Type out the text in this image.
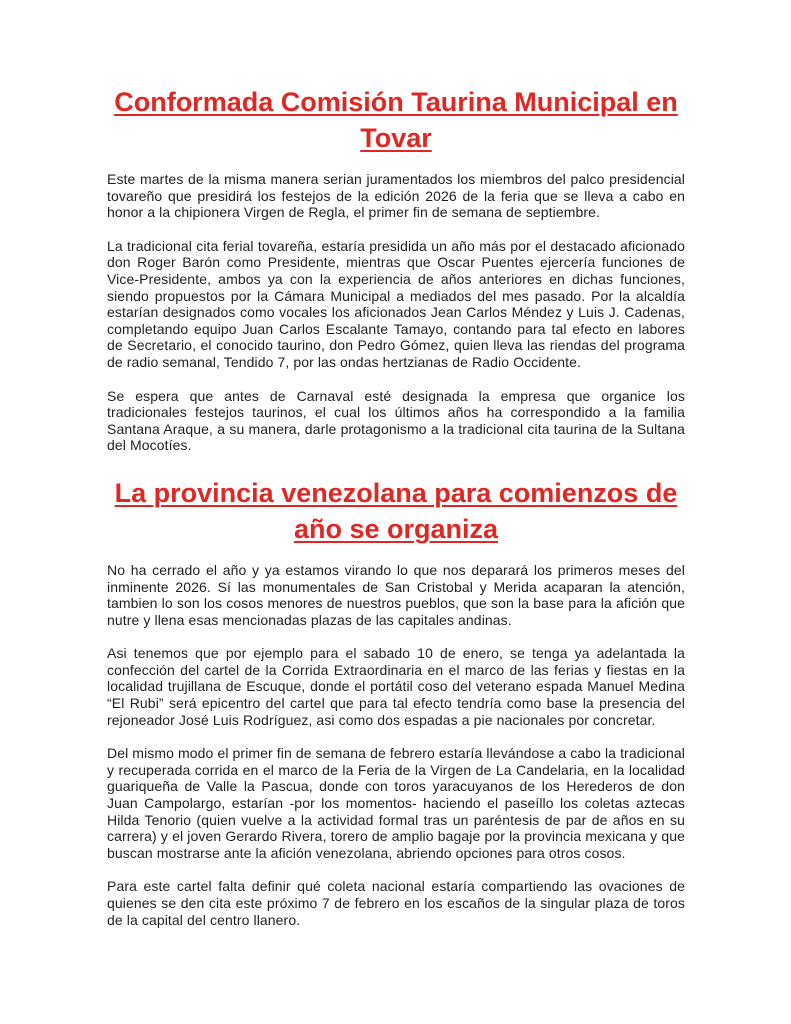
Conformada Comisión Taurina Municipal en Tovar

Este martes de la misma manera serian juramentados los miembros del palco presidencial tovareño que presidirá los festejos de la edición 2026 de la feria que se lleva a cabo en honor a la chipionera Virgen de Regla, el primer fin de semana de septiembre.

La tradicional cita ferial tovareña, estaría presidida un año más por el destacado aficionado don Roger Barón como Presidente, mientras que Oscar Puentes ejercería funciones de Vice-Presidente, ambos ya con la experiencia de años anteriores en dichas funciones, siendo propuestos por la Cámara Municipal a mediados del mes pasado. Por la alcaldía estarían designados como vocales los aficionados Jean Carlos Méndez y Luis J. Cadenas, completando equipo Juan Carlos Escalante Tamayo, contando para tal efecto en labores de Secretario, el conocido taurino, don Pedro Gómez, quien lleva las riendas del programa de radio semanal, Tendido 7, por las ondas hertzianas de Radio Occidente.

Se espera que antes de Carnaval esté designada la empresa que organice los tradicionales festejos taurinos, el cual los últimos años ha correspondido a la familia Santana Araque, a su manera, darle protagonismo a la tradicional cita taurina de la Sultana del Mocotíes.

La provincia venezolana para comienzos de año se organiza

No ha cerrado el año y ya estamos virando lo que nos deparará los primeros meses del inminente 2026. Sí las monumentales de San Cristobal y Merida acaparan la atención, tambien lo son los cosos menores de nuestros pueblos, que son la base para la afición que nutre y llena esas mencionadas plazas de las capitales andinas.

Asi tenemos que por ejemplo para el sabado 10 de enero, se tenga ya adelantada la confección del cartel de la Corrida Extraordinaria en el marco de las ferias y fiestas en la localidad trujillana de Escuque, donde el portátil coso del veterano espada Manuel Medina “El Rubi” será epicentro del cartel que para tal efecto tendría como base la presencia del rejoneador José Luis Rodríguez, asi como dos espadas a pie nacionales por concretar.

Del mismo modo el primer fin de semana de febrero estaría llevándose a cabo la tradicional y recuperada corrida en el marco de la Feria de la Virgen de La Candelaria, en la localidad guariqueña de Valle la Pascua, donde con toros yaracuyanos de los Herederos de don Juan Campolargo, estarían -por los momentos- haciendo el paseíllo los coletas aztecas Hilda Tenorio (quien vuelve a la actividad formal tras un paréntesis de par de años en su carrera) y el joven Gerardo Rivera, torero de amplio bagaje por la provincia mexicana y que buscan mostrarse ante la afición venezolana, abriendo opciones para otros cosos.

Para este cartel falta definir qué coleta nacional estaría compartiendo las ovaciones de quienes se den cita este próximo 7 de febrero en los escaños de la singular plaza de toros de la capital del centro llanero.
